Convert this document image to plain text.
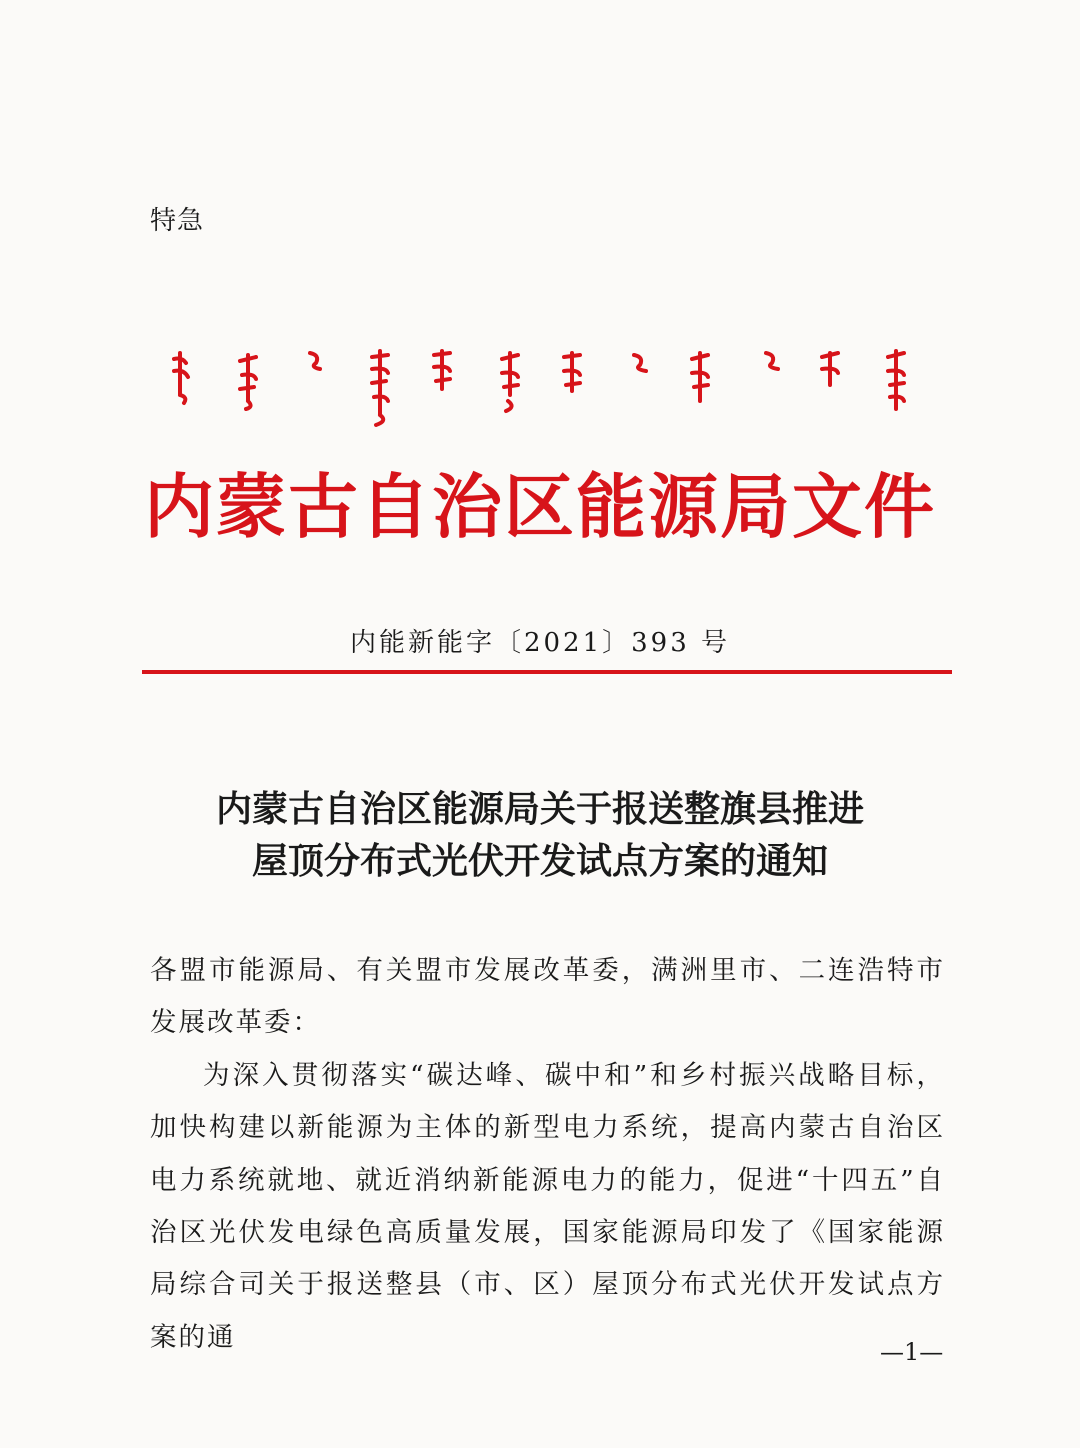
特急
内蒙古自治区能源局文件
内能新能字〔2021〕393 号
内蒙古自治区能源局关于报送整旗县推进
屋顶分布式光伏开发试点方案的通知

各盟市能源局、有关盟市发展改革委，满洲里市、二连浩特市发展改革委：

为深入贯彻落实“碳达峰、碳中和”和乡村振兴战略目标，加快构建以新能源为主体的新型电力系统，提高内蒙古自治区电力系统就地、就近消纳新能源电力的能力，促进“十四五”自治区光伏发电绿色高质量发展，国家能源局印发了《国家能源局综合司关于报送整县（市、区）屋顶分布式光伏开发试点方案的通	—1—
